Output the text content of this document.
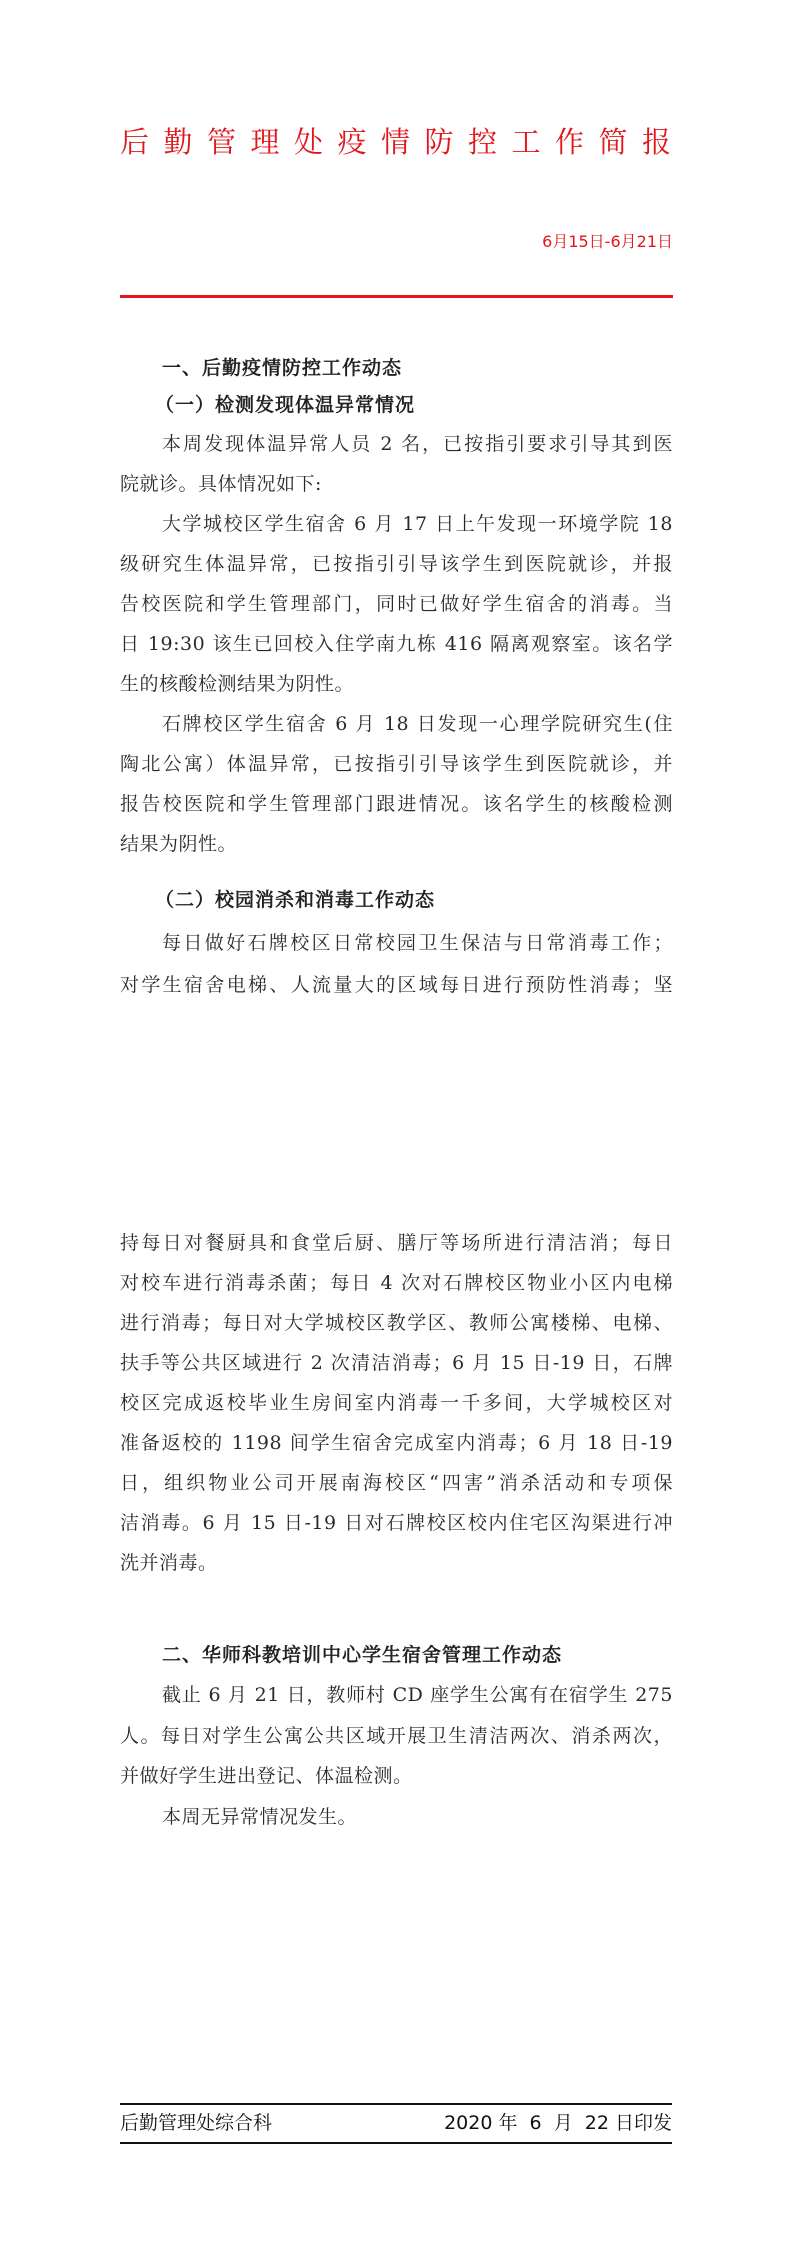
后勤管理处疫情防控工作简报
6月15日-6月21日
一、后勤疫情防控工作动态
（一）检测发现体温异常情况
本周发现体温异常人员 2 名，已按指引要求引导其到医
院就诊。具体情况如下:
大学城校区学生宿舍 6 月 17 日上午发现一环境学院 18
级研究生体温异常，已按指引引导该学生到医院就诊，并报
告校医院和学生管理部门，同时已做好学生宿舍的消毒。当
日 19:30 该生已回校入住学南九栋 416 隔离观察室。该名学
生的核酸检测结果为阴性。
石牌校区学生宿舍 6 月 18 日发现一心理学院研究生(住
陶北公寓）体温异常，已按指引引导该学生到医院就诊，并
报告校医院和学生管理部门跟进情况。该名学生的核酸检测
结果为阴性。
（二）校园消杀和消毒工作动态
每日做好石牌校区日常校园卫生保洁与日常消毒工作；
对学生宿舍电梯、人流量大的区域每日进行预防性消毒；坚
持每日对餐厨具和食堂后厨、膳厅等场所进行清洁消；每日
对校车进行消毒杀菌；每日 4 次对石牌校区物业小区内电梯
进行消毒；每日对大学城校区教学区、教师公寓楼梯、电梯、
扶手等公共区域进行 2 次清洁消毒；6 月 15 日-19 日，石牌
校区完成返校毕业生房间室内消毒一千多间，大学城校区对
准备返校的 1198 间学生宿舍完成室内消毒；6 月 18 日-19
日，组织物业公司开展南海校区“四害”消杀活动和专项保
洁消毒。6 月 15 日-19 日对石牌校区校内住宅区沟渠进行冲
洗并消毒。
二、华师科教培训中心学生宿舍管理工作动态
截止 6 月 21 日，教师村 CD 座学生公寓有在宿学生 275
人。每日对学生公寓公共区域开展卫生清洁两次、消杀两次，
并做好学生进出登记、体温检测。
本周无异常情况发生。
后勤管理处综合科	2020 年  6  月  22 日印发
